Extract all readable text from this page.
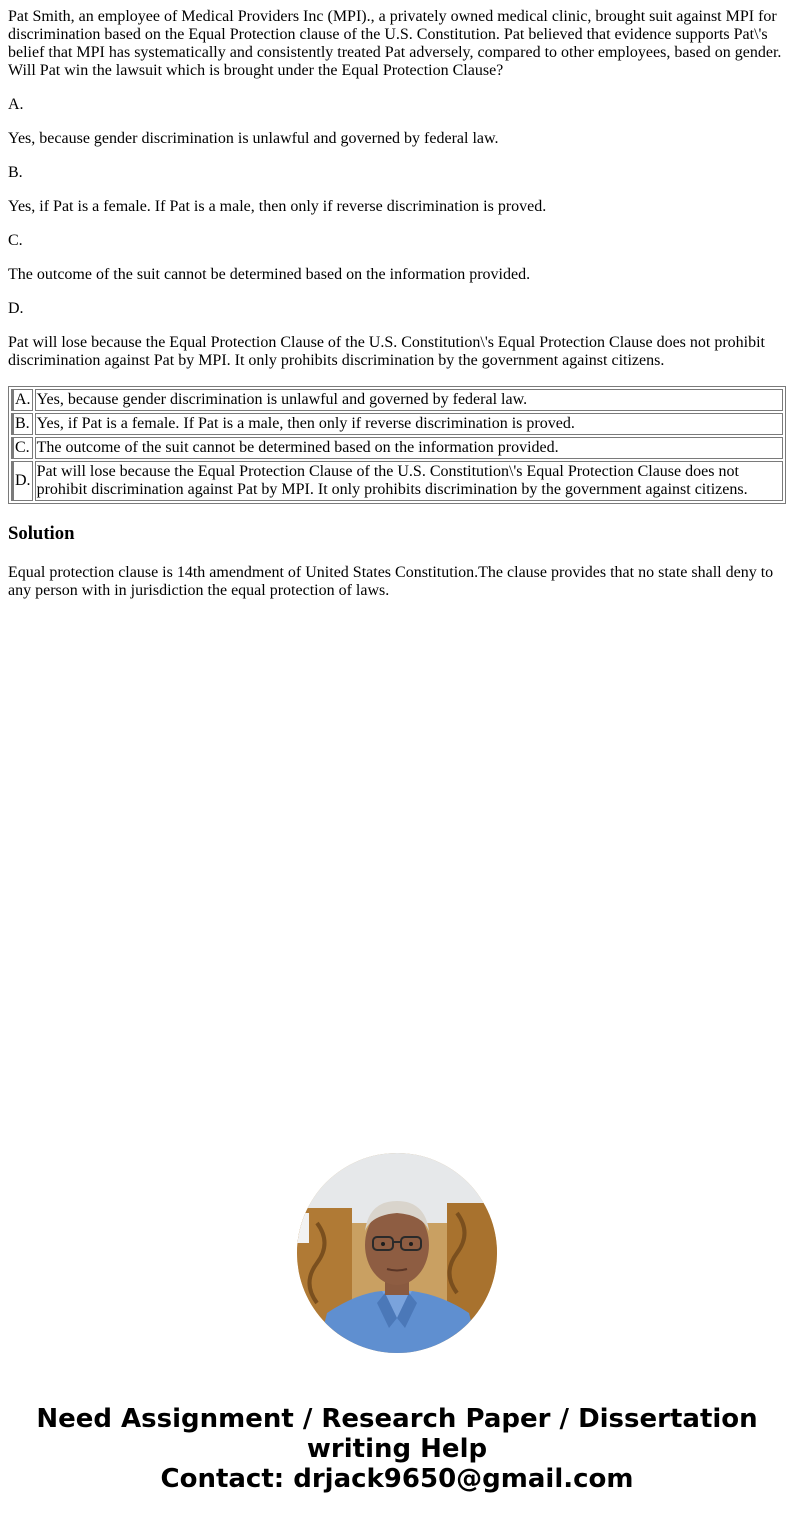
Pat Smith, an employee of Medical Providers Inc (MPI)., a privately owned medical clinic, brought suit against MPI for discrimination based on the Equal Protection clause of the U.S. Constitution. Pat believed that evidence supports Pat\'s belief that MPI has systematically and consistently treated Pat adversely, compared to other employees, based on gender. Will Pat win the lawsuit which is brought under the Equal Protection Clause?

A.

Yes, because gender discrimination is unlawful and governed by federal law.

B.

Yes, if Pat is a female. If Pat is a male, then only if reverse discrimination is proved.

C.

The outcome of the suit cannot be determined based on the information provided.

D.

Pat will lose because the Equal Protection Clause of the U.S. Constitution\'s Equal Protection Clause does not prohibit discrimination against Pat by MPI. It only prohibits discrimination by the government against citizens.

A.	Yes, because gender discrimination is unlawful and governed by federal law.
B.	Yes, if Pat is a female. If Pat is a male, then only if reverse discrimination is proved.
C.	The outcome of the suit cannot be determined based on the information provided.
D.	Pat will lose because the Equal Protection Clause of the U.S. Constitution\'s Equal Protection Clause does not prohibit discrimination against Pat by MPI. It only prohibits discrimination by the government against citizens.
Solution

Equal protection clause is 14th amendment of United States Constitution.The clause provides that no state shall deny to any person with in jurisdiction the equal protection of laws.

Need Assignment / Research Paper / Dissertation
writing Help
Contact: drjack9650@gmail.com
